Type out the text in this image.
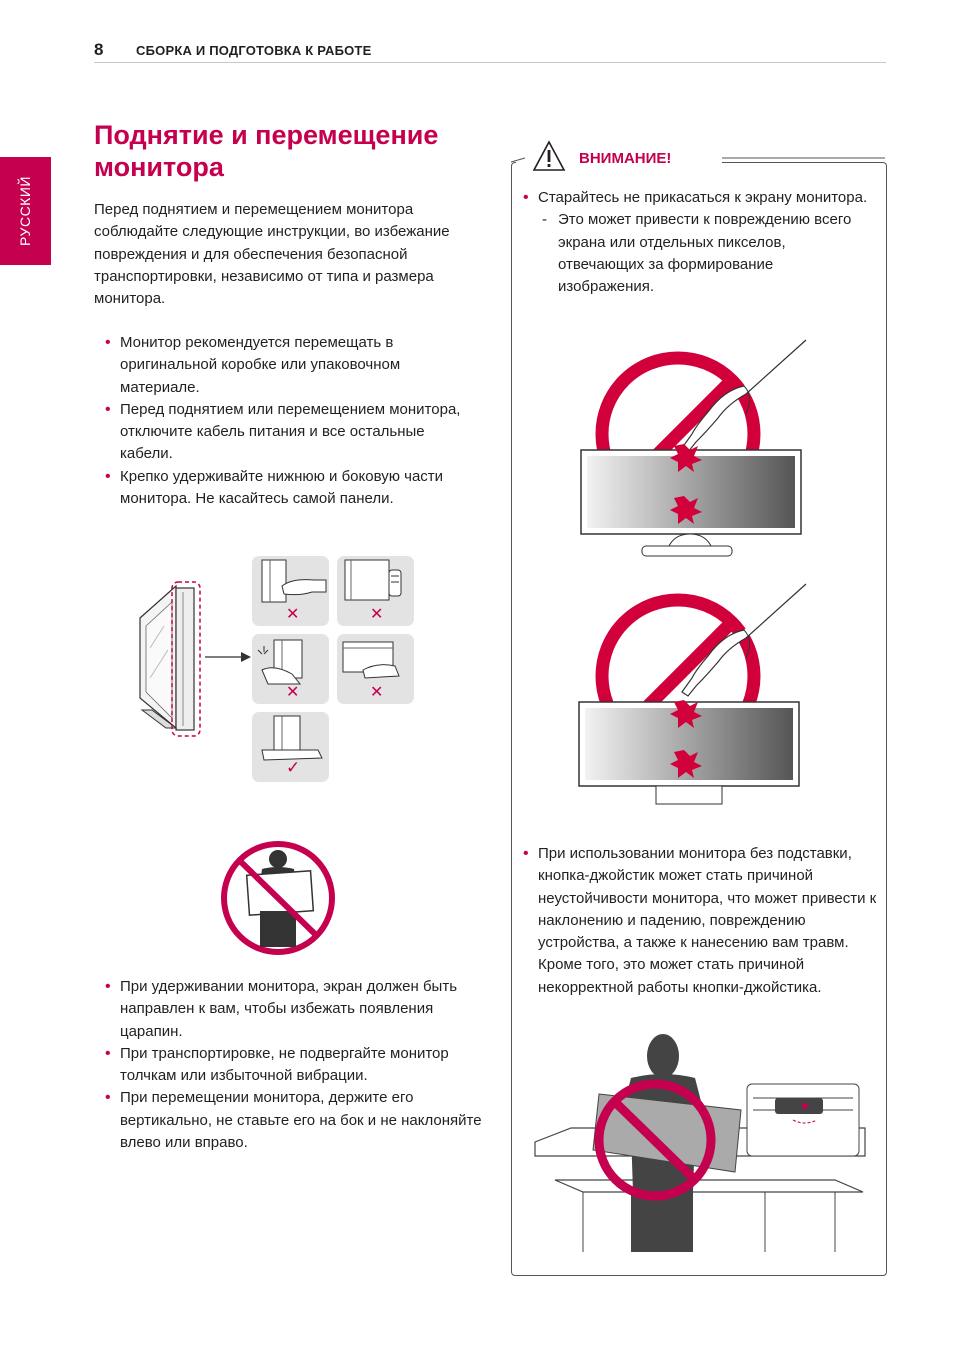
8	СБОРКА И ПОДГОТОВКА К РАБОТЕ
РУССКИЙ
Поднятие и перемещение монитора
Перед поднятием и перемещением монитора соблюдайте следующие инструкции, во избежание повреждения и для обеспечения безопасной транспортировки, независимо от типа и размера монитора.
• Монитор рекомендуется перемещать в оригинальной коробке или упаковочном материале.
• Перед поднятием или перемещением монитора, отключите кабель питания и все остальные кабели.
• Крепко удерживайте нижнюю и боковую части монитора. Не касайтесь самой панели.
✕	✕
✕	✕
✓
• При удерживании монитора, экран должен быть направлен к вам, чтобы избежать появления царапин.
• При транспортировке, не подвергайте монитор толчкам или избыточной вибрации.
• При перемещении монитора, держите его вертикально, не ставьте его на бок и не наклоняйте влево или вправо.
ВНИМАНИЕ!
• Старайтесь не прикасаться к экрану монитора.
- Это может привести к повреждению всего экрана или отдельных пикселов, отвечающих за формирование изображения.
• При использовании монитора без подставки, кнопка-джойстик может стать причиной неустойчивости монитора, что может привести к наклонению и падению, повреждению устройства, а также к нанесению вам травм. Кроме того, это может стать причиной некорректной работы кнопки-джойстика.
